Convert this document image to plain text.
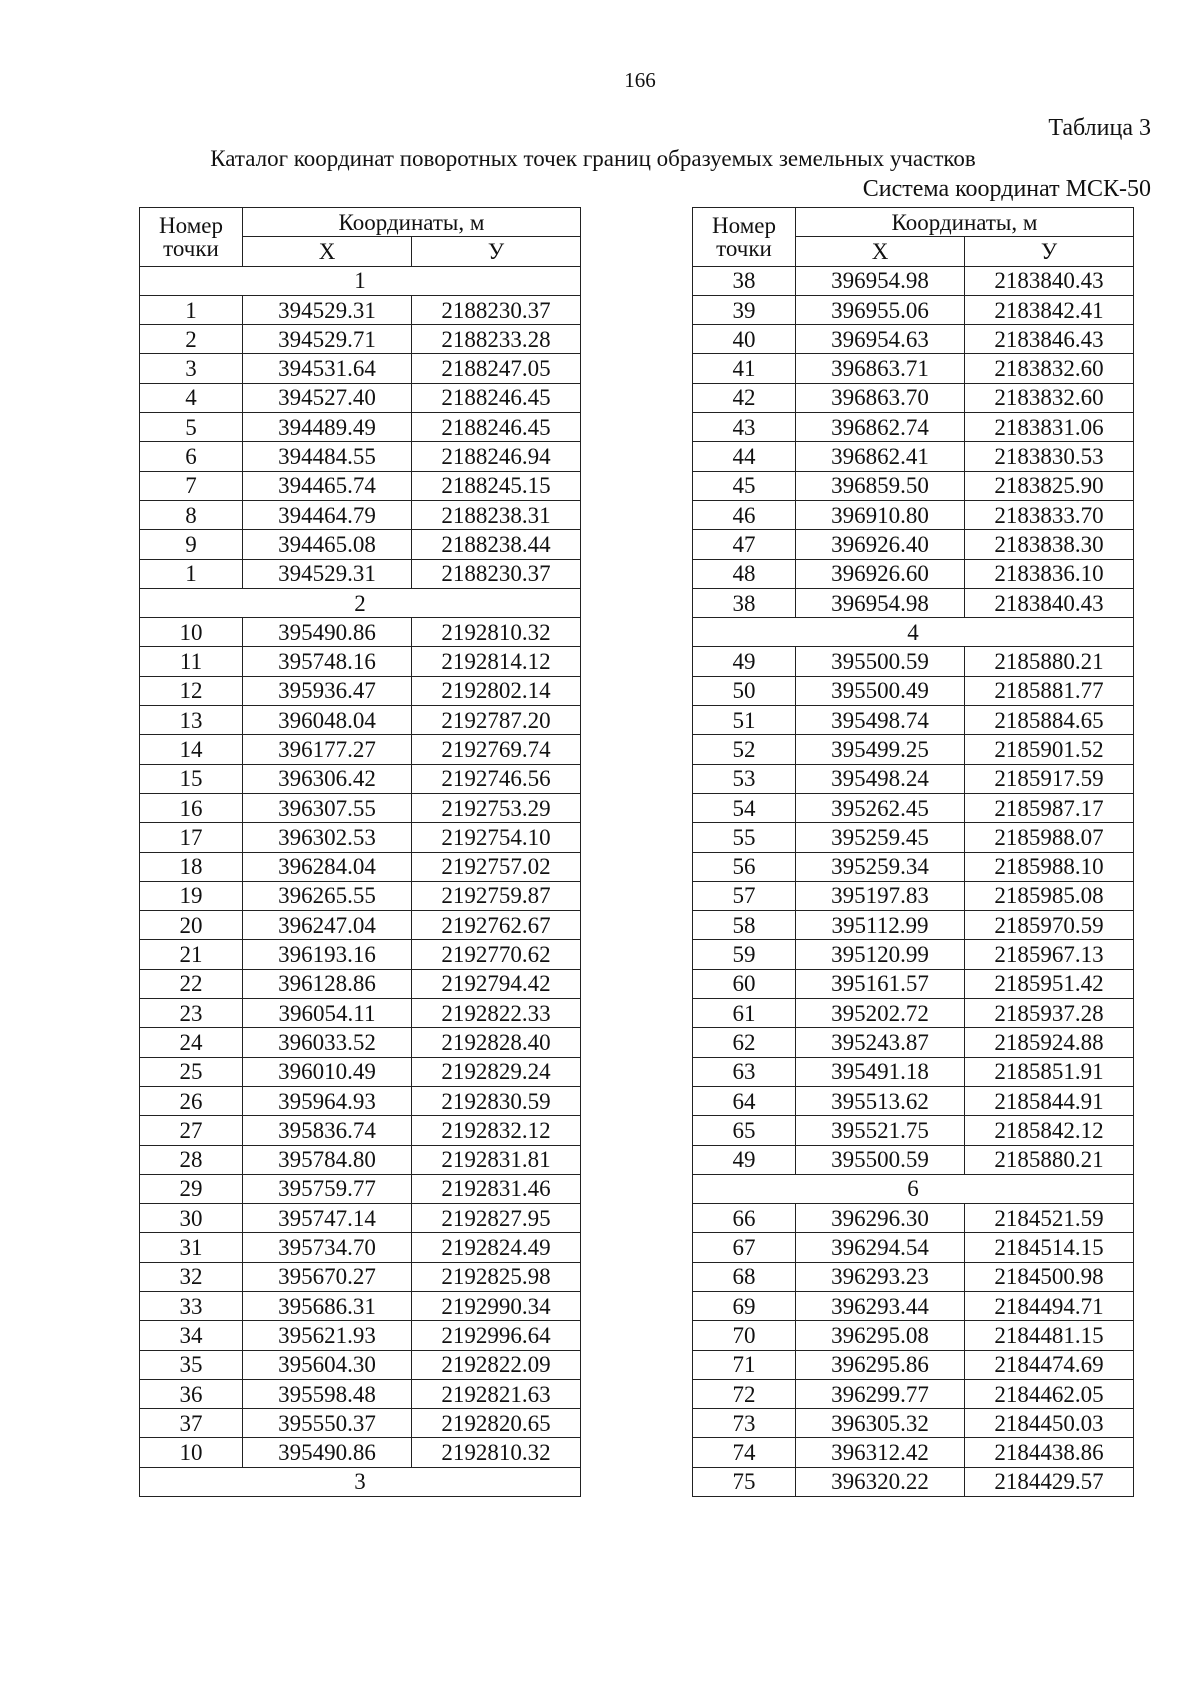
166
Таблица 3
Каталог координат поворотных точек границ образуемых земельных участков
Система координат МСК-50
Номер
точки	Координаты, м	
	X	У
1		
1	394529.31	2188230.37
2	394529.71	2188233.28
3	394531.64	2188247.05
4	394527.40	2188246.45
5	394489.49	2188246.45
6	394484.55	2188246.94
7	394465.74	2188245.15
8	394464.79	2188238.31
9	394465.08	2188238.44
1	394529.31	2188230.37
2		
10	395490.86	2192810.32
11	395748.16	2192814.12
12	395936.47	2192802.14
13	396048.04	2192787.20
14	396177.27	2192769.74
15	396306.42	2192746.56
16	396307.55	2192753.29
17	396302.53	2192754.10
18	396284.04	2192757.02
19	396265.55	2192759.87
20	396247.04	2192762.67
21	396193.16	2192770.62
22	396128.86	2192794.42
23	396054.11	2192822.33
24	396033.52	2192828.40
25	396010.49	2192829.24
26	395964.93	2192830.59
27	395836.74	2192832.12
28	395784.80	2192831.81
29	395759.77	2192831.46
30	395747.14	2192827.95
31	395734.70	2192824.49
32	395670.27	2192825.98
33	395686.31	2192990.34
34	395621.93	2192996.64
35	395604.30	2192822.09
36	395598.48	2192821.63
37	395550.37	2192820.65
10	395490.86	2192810.32
3		
Номер
точки	Координаты, м	
	X	У
38	396954.98	2183840.43
39	396955.06	2183842.41
40	396954.63	2183846.43
41	396863.71	2183832.60
42	396863.70	2183832.60
43	396862.74	2183831.06
44	396862.41	2183830.53
45	396859.50	2183825.90
46	396910.80	2183833.70
47	396926.40	2183838.30
48	396926.60	2183836.10
38	396954.98	2183840.43
4		
49	395500.59	2185880.21
50	395500.49	2185881.77
51	395498.74	2185884.65
52	395499.25	2185901.52
53	395498.24	2185917.59
54	395262.45	2185987.17
55	395259.45	2185988.07
56	395259.34	2185988.10
57	395197.83	2185985.08
58	395112.99	2185970.59
59	395120.99	2185967.13
60	395161.57	2185951.42
61	395202.72	2185937.28
62	395243.87	2185924.88
63	395491.18	2185851.91
64	395513.62	2185844.91
65	395521.75	2185842.12
49	395500.59	2185880.21
6		
66	396296.30	2184521.59
67	396294.54	2184514.15
68	396293.23	2184500.98
69	396293.44	2184494.71
70	396295.08	2184481.15
71	396295.86	2184474.69
72	396299.77	2184462.05
73	396305.32	2184450.03
74	396312.42	2184438.86
75	396320.22	2184429.57
